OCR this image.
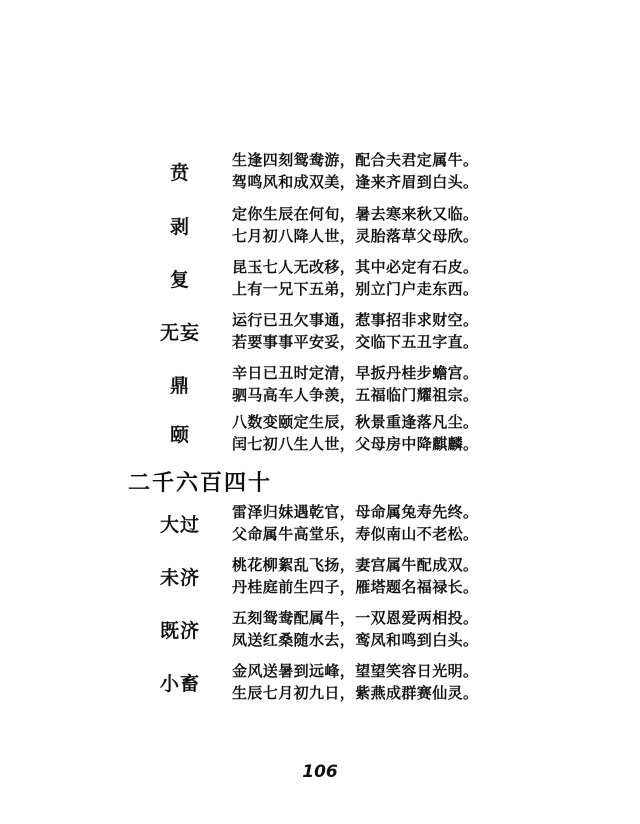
贲
生逢四刻鸳鸯游，配合夫君定属牛。
驾鸣风和成双美，逢来齐眉到白头。
剥
定你生辰在何旬，暑去寒来秋又临。
七月初八降人世，灵胎落草父母欣。
复
昆玉七人无改移，其中必定有石皮。
上有一兄下五弟，别立门户走东西。
无妄
运行已丑欠事通，惹事招非求财空。
若要事事平安妥，交临下五丑字直。
鼎
辛日已丑时定清，早扳丹桂步蟾宫。
驷马高车人争羡，五福临门耀祖宗。
颐
八数变颐定生辰，秋景重逢落凡尘。
闰七初八生人世，父母房中降麒麟。
二千六百四十
大过
雷泽归妹遇乾官，母命属兔寿先终。
父命属牛高堂乐，寿似南山不老松。
未济
桃花柳絮乱飞扬，妻宫属牛配成双。
丹桂庭前生四子，雁塔题名福禄长。
既济
五刻鸳鸯配属牛，一双恩爱两相投。
凤送红桑随水去，鸾凤和鸣到白头。
小畜
金风送暑到远峰，望望笑容日光明。
生辰七月初九日，紫燕成群赛仙灵。
106
